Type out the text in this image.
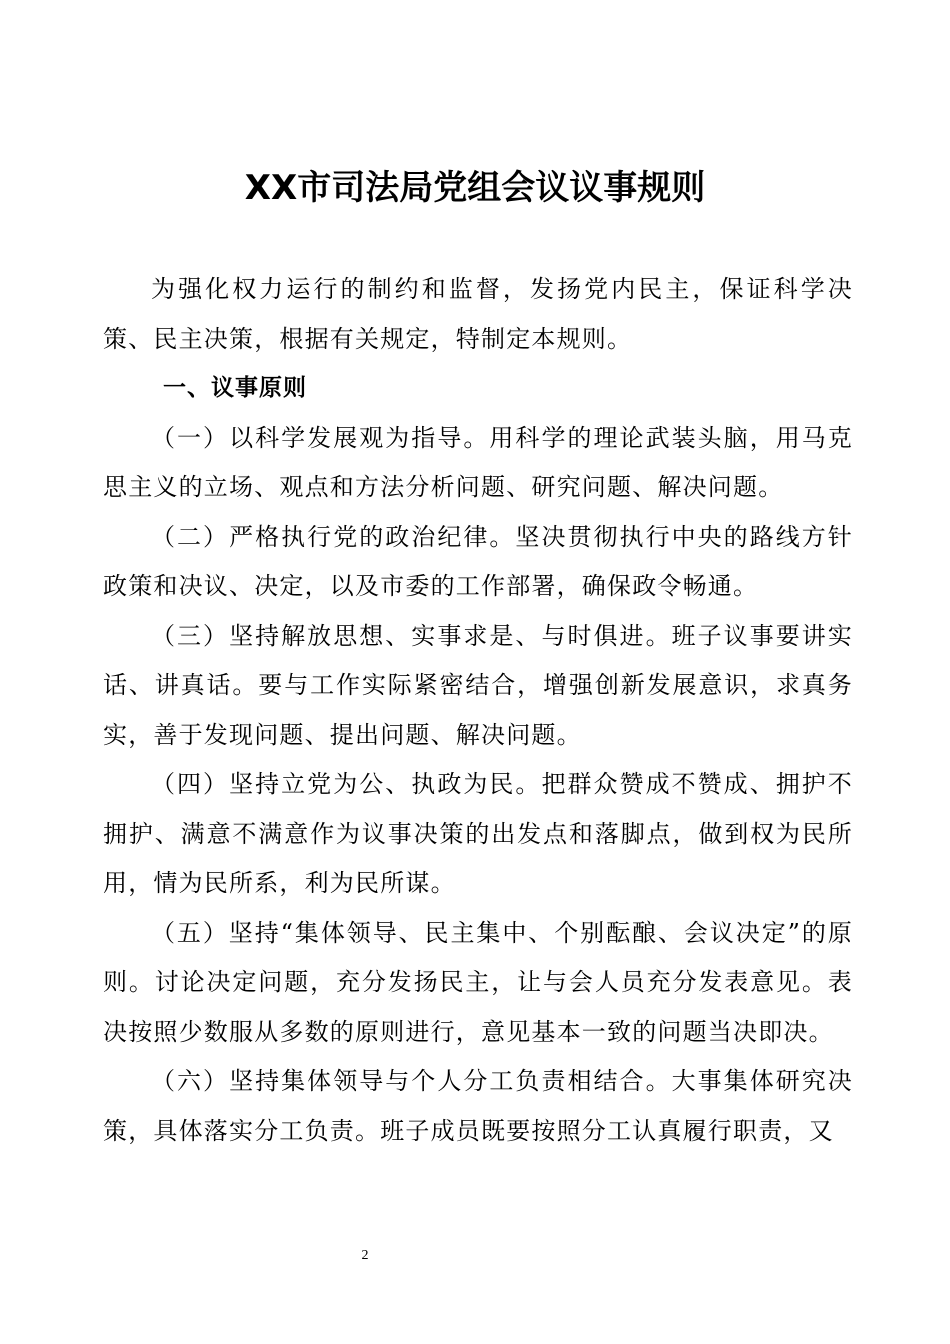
XX市司法局党组会议议事规则

为强化权力运行的制约和监督，发扬党内民主，保证科学决策、民主决策，根据有关规定，特制定本规则。

一、议事原则

（一）以科学发展观为指导。用科学的理论武装头脑，用马克思主义的立场、观点和方法分析问题、研究问题、解决问题。

（二）严格执行党的政治纪律。坚决贯彻执行中央的路线方针政策和决议、决定，以及市委的工作部署，确保政令畅通。

（三）坚持解放思想、实事求是、与时俱进。班子议事要讲实话、讲真话。要与工作实际紧密结合，增强创新发展意识，求真务实，善于发现问题、提出问题、解决问题。

（四）坚持立党为公、执政为民。把群众赞成不赞成、拥护不拥护、满意不满意作为议事决策的出发点和落脚点，做到权为民所用，情为民所系，利为民所谋。

（五）坚持“集体领导、民主集中、个别酝酿、会议决定”的原则。讨论决定问题，充分发扬民主，让与会人员充分发表意见。表决按照少数服从多数的原则进行，意见基本一致的问题当决即决。

（六）坚持集体领导与个人分工负责相结合。大事集体研究决策，具体落实分工负责。班子成员既要按照分工认真履行职责，又

2
